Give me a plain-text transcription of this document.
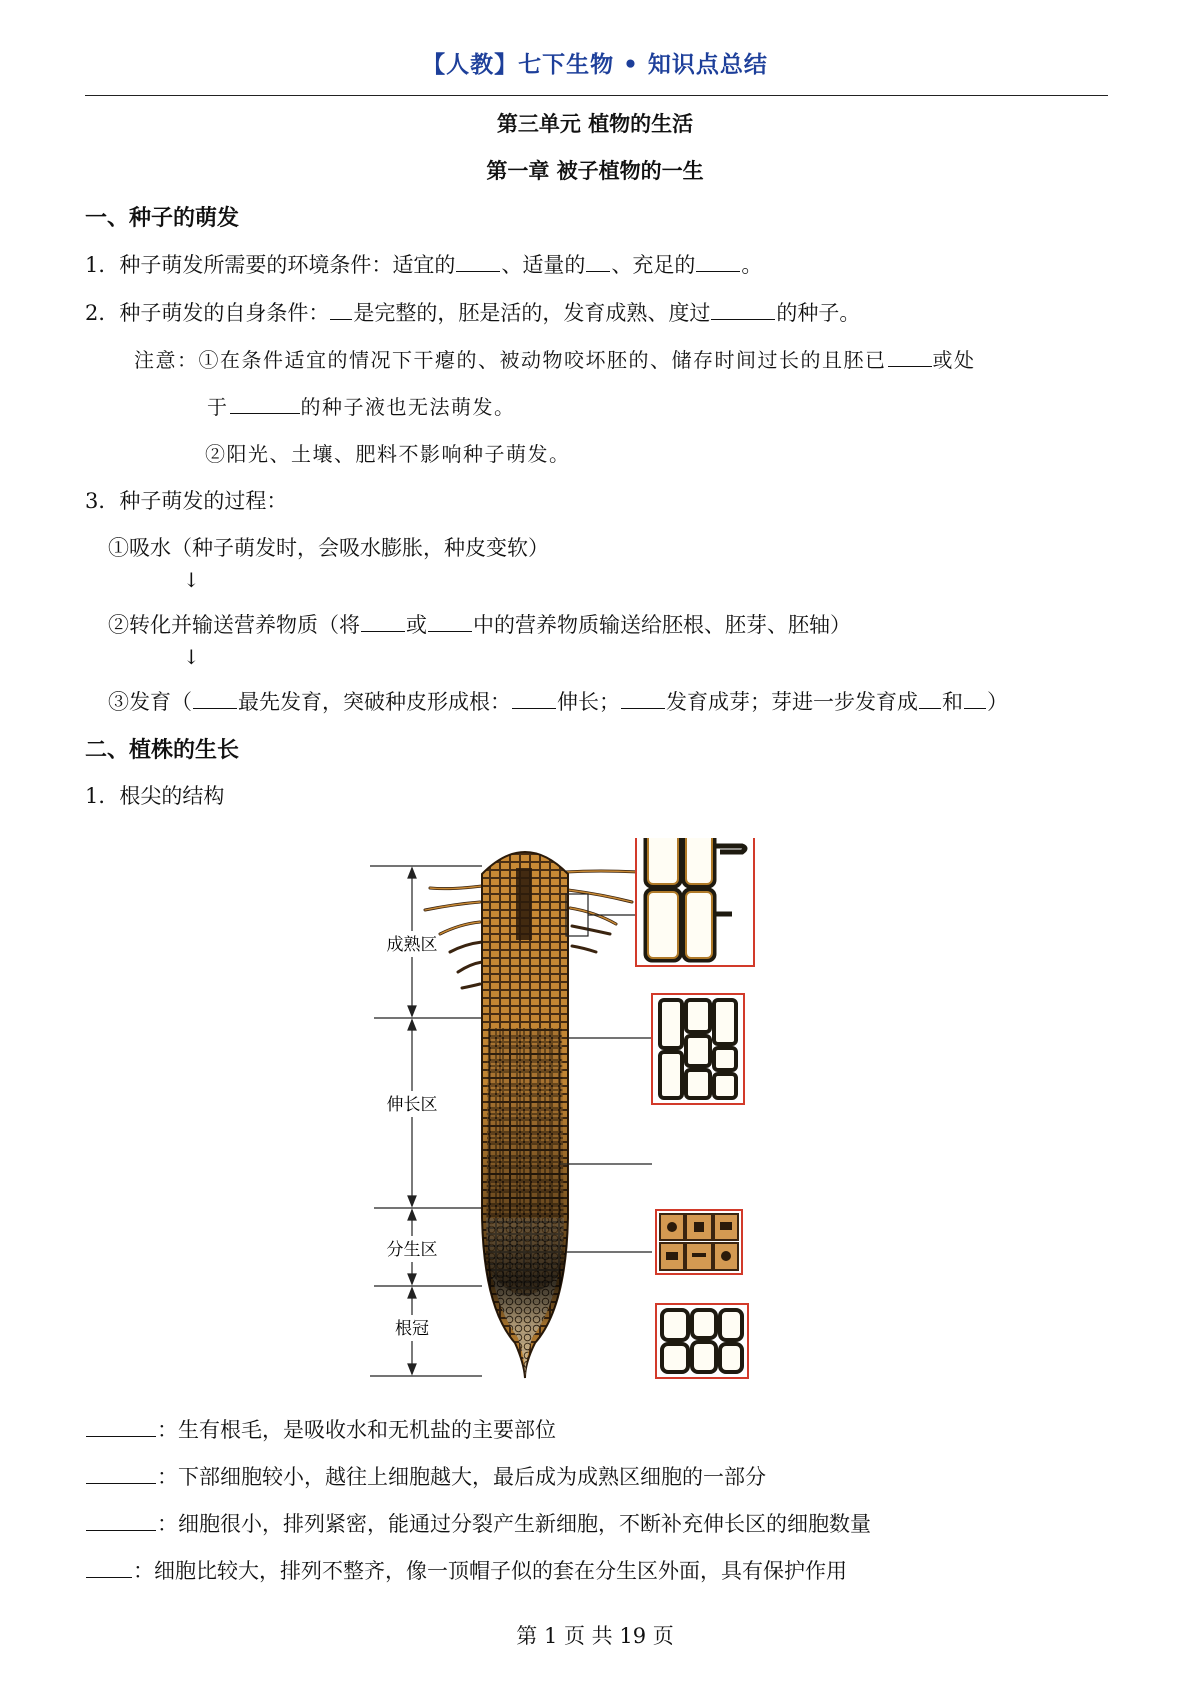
【人教】七下生物 • 知识点总结
第三单元 植物的生活
第一章 被子植物的一生
一、种子的萌发
1．种子萌发所需要的环境条件：适宜的 、适量的 、充足的 。
2．种子萌发的自身条件： 是完整的，胚是活的，发育成熟、度过	的种子。
注意：①在条件适宜的情况下干瘪的、被动物咬坏胚的、储存时间过长的且胚已 或处
于	的种子液也无法萌发。
②阳光、土壤、肥料不影响种子萌发。
3．种子萌发的过程：
①吸水（种子萌发时，会吸水膨胀，种皮变软）
↓
②转化并输送营养物质（将 或 中的营养物质输送给胚根、胚芽、胚轴）
↓
③发育（ 最先发育，突破种皮形成根： 伸长； 发育成芽；芽进一步发育成 和 ）
二、植株的生长
1．根尖的结构
成熟区
伸长区
分生区
根冠
：生有根毛，是吸收水和无机盐的主要部位
：下部细胞较小，越往上细胞越大，最后成为成熟区细胞的一部分
：细胞很小，排列紧密，能通过分裂产生新细胞，不断补充伸长区的细胞数量
：细胞比较大，排列不整齐，像一顶帽子似的套在分生区外面，具有保护作用
第 1 页 共 19 页
